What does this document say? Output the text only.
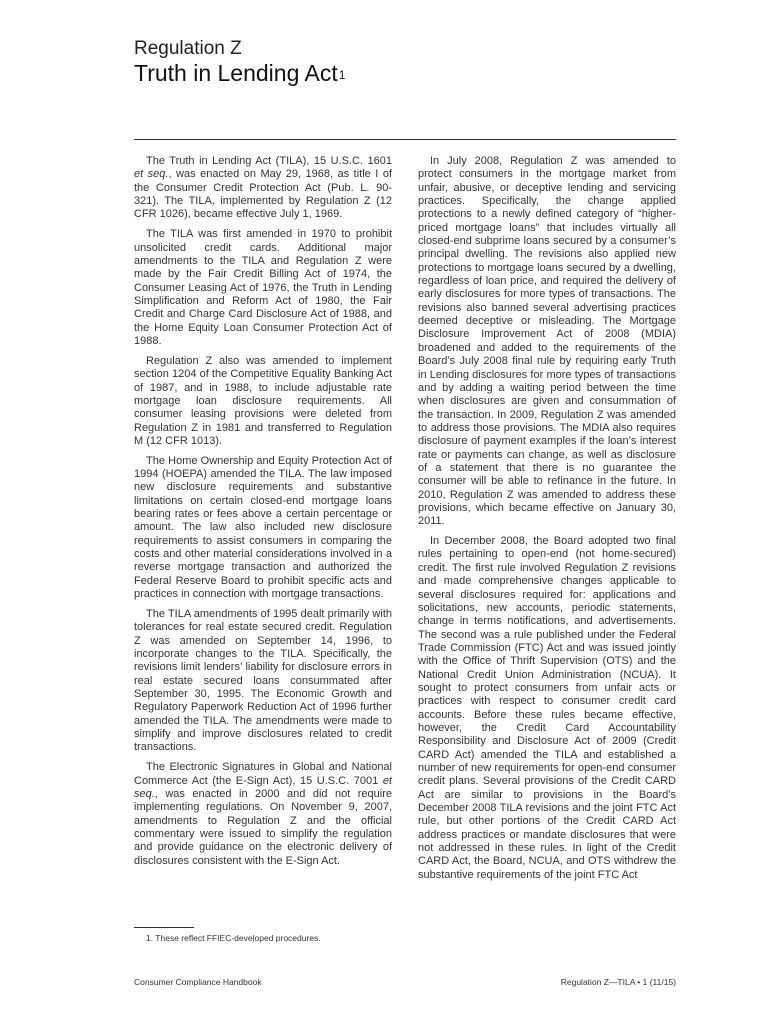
Regulation Z
Truth in Lending Act$^1$

The Truth in Lending Act (TILA), 15 U.S.C. 1601 et seq., was enacted on May 29, 1968, as title I of the Consumer Credit Protection Act (Pub. L. 90-321). The TILA, implemented by Regulation Z (12 CFR 1026), became effective July 1, 1969.

The TILA was first amended in 1970 to prohibit unsolicited credit cards. Additional major amendments to the TILA and Regulation Z were made by the Fair Credit Billing Act of 1974, the Consumer Leasing Act of 1976, the Truth in Lending Simplification and Reform Act of 1980, the Fair Credit and Charge Card Disclosure Act of 1988, and the Home Equity Loan Consumer Protection Act of 1988.

Regulation Z also was amended to implement section 1204 of the Competitive Equality Banking Act of 1987, and in 1988, to include adjustable rate mortgage loan disclosure requirements. All consumer leasing provisions were deleted from Regulation Z in 1981 and transferred to Regulation M (12 CFR 1013).

The Home Ownership and Equity Protection Act of 1994 (HOEPA) amended the TILA. The law imposed new disclosure requirements and substantive limitations on certain closed-end mortgage loans bearing rates or fees above a certain percentage or amount. The law also included new disclosure requirements to assist consumers in comparing the costs and other material considerations involved in a reverse mortgage transaction and authorized the Federal Reserve Board to prohibit specific acts and practices in connection with mortgage transactions.

The TILA amendments of 1995 dealt primarily with tolerances for real estate secured credit. Regulation Z was amended on September 14, 1996, to incorporate changes to the TILA. Specifically, the revisions limit lenders’ liability for disclosure errors in real estate secured loans consummated after September 30, 1995. The Economic Growth and Regulatory Paperwork Reduction Act of 1996 further amended the TILA. The amendments were made to simplify and improve disclosures related to credit transactions.

The Electronic Signatures in Global and National Commerce Act (the E-Sign Act), 15 U.S.C. 7001 et seq., was enacted in 2000 and did not require implementing regulations. On November 9, 2007, amendments to Regulation Z and the official commentary were issued to simplify the regulation and provide guidance on the electronic delivery of disclosures consistent with the E-Sign Act.

In July 2008, Regulation Z was amended to protect consumers in the mortgage market from unfair, abusive, or deceptive lending and servicing practices. Specifically, the change applied protections to a newly defined category of “higher-priced mortgage loans” that includes virtually all closed-end subprime loans secured by a consumer’s principal dwelling. The revisions also applied new protections to mortgage loans secured by a dwelling, regardless of loan price, and required the delivery of early disclosures for more types of transactions. The revisions also banned several advertising practices deemed deceptive or misleading. The Mortgage Disclosure Improvement Act of 2008 (MDIA) broadened and added to the requirements of the Board’s July 2008 final rule by requiring early Truth in Lending disclosures for more types of transactions and by adding a waiting period between the time when disclosures are given and consummation of the transaction. In 2009, Regulation Z was amended to address those provisions. The MDIA also requires disclosure of payment examples if the loan’s interest rate or payments can change, as well as disclosure of a statement that there is no guarantee the consumer will be able to refinance in the future. In 2010, Regulation Z was amended to address these provisions, which became effective on January 30, 2011.

In December 2008, the Board adopted two final rules pertaining to open-end (not home-secured) credit. The first rule involved Regulation Z revisions and made comprehensive changes applicable to several disclosures required for: applications and solicitations, new accounts, periodic statements, change in terms notifications, and advertisements. The second was a rule published under the Federal Trade Commission (FTC) Act and was issued jointly with the Office of Thrift Supervision (OTS) and the National Credit Union Administration (NCUA). It sought to protect consumers from unfair acts or practices with respect to consumer credit card accounts. Before these rules became effective, however, the Credit Card Accountability Responsibility and Disclosure Act of 2009 (Credit CARD Act) amended the TILA and established a number of new requirements for open-end consumer credit plans. Several provisions of the Credit CARD Act are similar to provisions in the Board’s December 2008 TILA revisions and the joint FTC Act rule, but other portions of the Credit CARD Act address practices or mandate disclosures that were not addressed in these rules. In light of the Credit CARD Act, the Board, NCUA, and OTS withdrew the substantive requirements of the joint FTC Act

1. These reflect FFIEC-developed procedures.
Consumer Compliance Handbook	Regulation Z—TILA • 1 (11/15)
